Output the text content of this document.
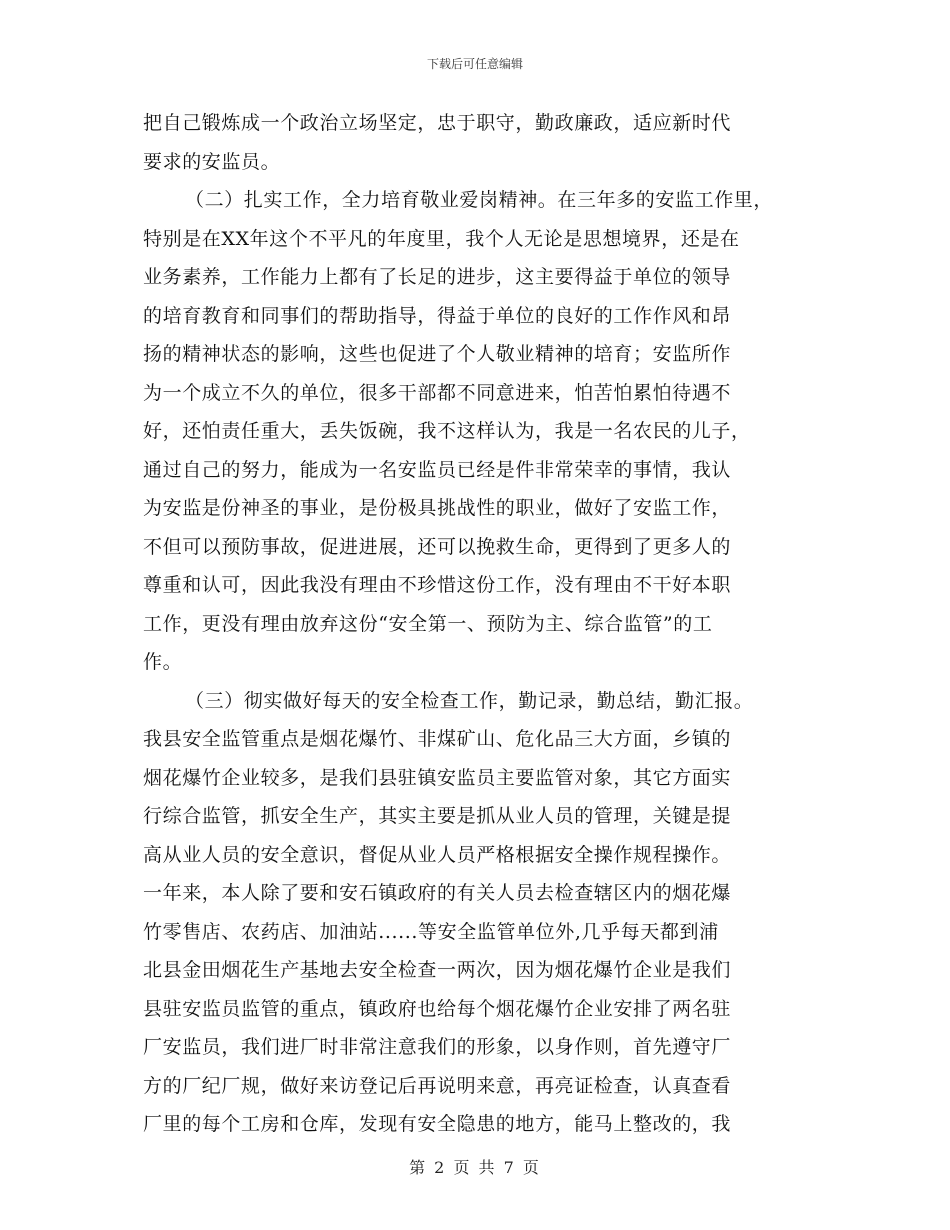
下载后可任意编辑
把自己锻炼成一个政治立场坚定，忠于职守，勤政廉政，适应新时代
要求的安监员。
（二）扎实工作，全力培育敬业爱岗精神。在三年多的安监工作里，
特别是在XX年这个不平凡的年度里，我个人无论是思想境界，还是在
业务素养，工作能力上都有了长足的进步，这主要得益于单位的领导
的培育教育和同事们的帮助指导，得益于单位的良好的工作作风和昂
扬的精神状态的影响，这些也促进了个人敬业精神的培育；安监所作
为一个成立不久的单位，很多干部都不同意进来，怕苦怕累怕待遇不
好，还怕责任重大，丢失饭碗，我不这样认为，我是一名农民的儿子，
通过自己的努力，能成为一名安监员已经是件非常荣幸的事情，我认
为安监是份神圣的事业，是份极具挑战性的职业，做好了安监工作，
不但可以预防事故，促进进展，还可以挽救生命，更得到了更多人的
尊重和认可，因此我没有理由不珍惜这份工作，没有理由不干好本职
工作，更没有理由放弃这份“安全第一、预防为主、综合监管”的工
作。
（三）彻实做好每天的安全检查工作，勤记录，勤总结，勤汇报。
我县安全监管重点是烟花爆竹、非煤矿山、危化品三大方面，乡镇的
烟花爆竹企业较多，是我们县驻镇安监员主要监管对象，其它方面实
行综合监管，抓安全生产，其实主要是抓从业人员的管理，关键是提
高从业人员的安全意识，督促从业人员严格根据安全操作规程操作。
一年来，本人除了要和安石镇政府的有关人员去检查辖区内的烟花爆
竹零售店、农药店、加油站......等安全监管单位外,几乎每天都到浦
北县金田烟花生产基地去安全检查一两次，因为烟花爆竹企业是我们
县驻安监员监管的重点，镇政府也给每个烟花爆竹企业安排了两名驻
厂安监员，我们进厂时非常注意我们的形象，以身作则，首先遵守厂
方的厂纪厂规，做好来访登记后再说明来意，再亮证检查，认真查看
厂里的每个工房和仓库，发现有安全隐患的地方，能马上整改的，我
第 2 页 共 7 页
